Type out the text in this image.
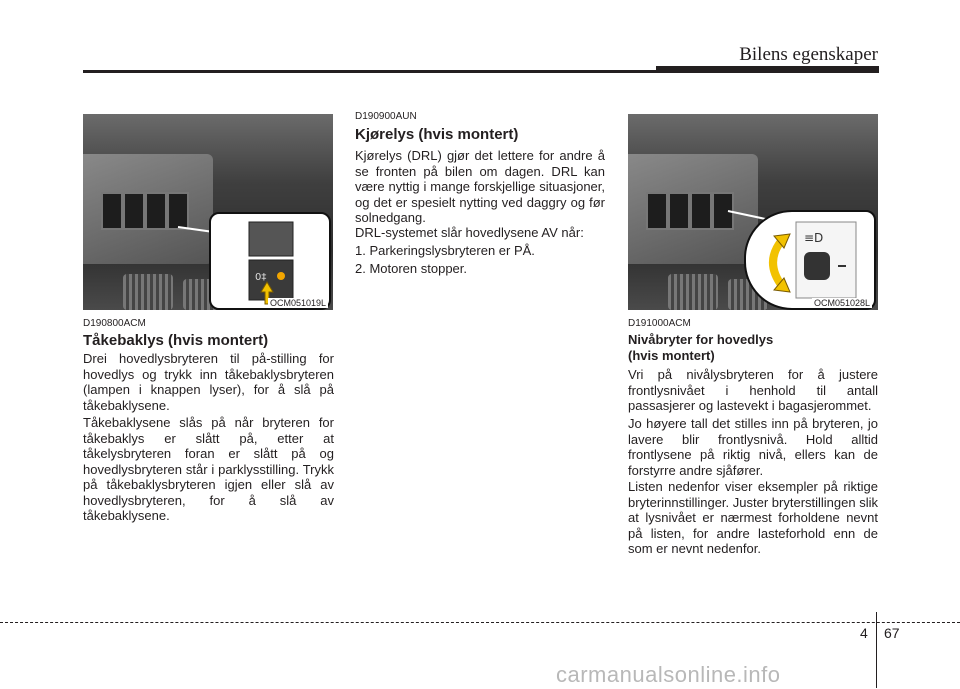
Bilens egenskaper
0‡
OCM051019L
D190800ACM
Tåkebaklys (hvis montert)

Drei hovedlysbryteren til på-stilling for hovedlys og trykk inn tåkebaklysbryteren (lampen i knappen lyser), for å slå på tåkebaklysene.

Tåkebaklysene slås på når bryteren for tåkebaklys er slått på, etter at tåkelysbryteren foran er slått på og hovedlysbryteren står i parklysstilling. Trykk på tåkebaklysbryteren igjen eller slå av hovedlysbryteren, for å slå av tåkebaklysene.

D190900AUN
Kjørelys (hvis montert)

Kjørelys (DRL) gjør det lettere for andre å se fronten på bilen om dagen. DRL kan være nyttig i mange forskjellige situasjoner, og det er spesielt nytting ved daggry og før solnedgang.

DRL-systemet slår hovedlysene AV når:

1. Parkeringslysbryteren er PÅ.

2. Motoren stopper.

≡D
OCM051028L
D191000ACM
Nivåbryter for hovedlys
(hvis montert)

Vri på nivålysbryteren for å justere frontlysnivået i henhold til antall passasjerer og lastevekt i bagasjerommet.

Jo høyere tall det stilles inn på bryteren, jo lavere blir frontlysnivå. Hold alltid frontlysene på riktig nivå, ellers kan de forstyrre andre sjåfører.

Listen nedenfor viser eksempler på riktige bryterinnstillinger. Juster bryterstillingen slik at lysnivået er nærmest forholdene nevnt på listen, for andre lasteforhold enn de som er nevnt nedenfor.

4 67
carmanualsonline.info
